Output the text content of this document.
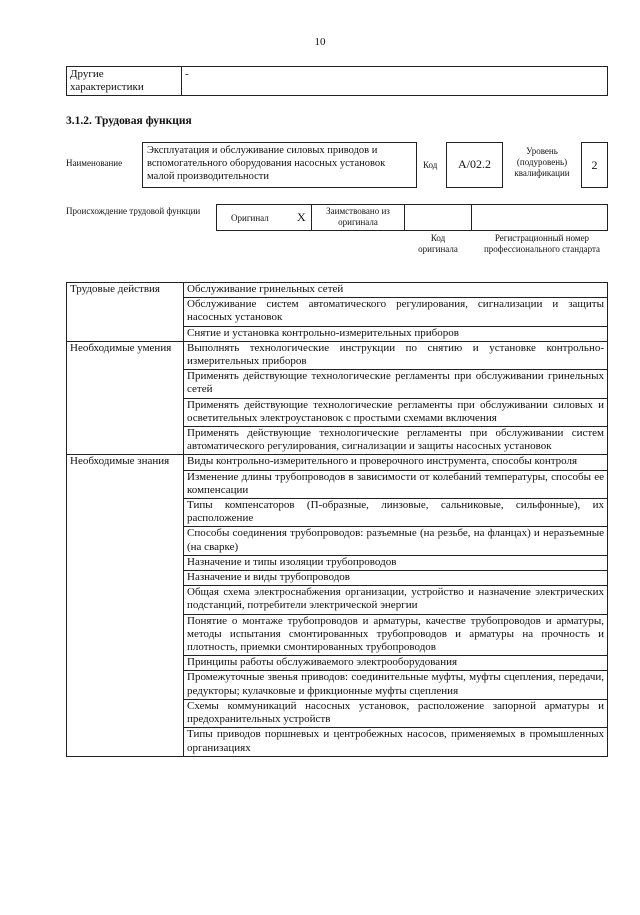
10
Другие характеристики	-
3.1.2. Трудовая функция
Наименование
Эксплуатация и обслуживание силовых приводов и вспомогательного оборудования насосных установок малой производительности
Код	А/02.2
Уровень (подуровень) квалификации
2
Происхождение трудовой функции
Оригинал X	Заимствовано из оригинала
Код оригинала
Регистрационный номер профессионального стандарта
Трудовые действия	Обслуживание гринельных сетей
	Обслуживание систем автоматического регулирования, сигнализации и защиты насосных установок
	Снятие и установка контрольно-измерительных приборов
Необходимые умения	Выполнять технологические инструкции по снятию и установке контрольно-измерительных приборов
	Применять действующие технологические регламенты при обслуживании гринельных сетей
	Применять действующие технологические регламенты при обслуживании силовых и осветительных электроустановок с простыми схемами включения
	Применять действующие технологические регламенты при обслуживании систем автоматического регулирования, сигнализации и защиты насосных установок
Необходимые знания	Виды контрольно-измерительного и проверочного инструмента, способы контроля
	Изменение длины трубопроводов в зависимости от колебаний температуры, способы ее компенсации
	Типы компенсаторов (П-образные, линзовые, сальниковые, сильфонные), их расположение
	Способы соединения трубопроводов: разъемные (на резьбе, на фланцах) и неразъемные (на сварке)
	Назначение и типы изоляции трубопроводов
	Назначение и виды трубопроводов
	Общая схема электроснабжения организации, устройство и назначение электрических подстанций, потребители электрической энергии
	Понятие о монтаже трубопроводов и арматуры, качестве трубопроводов и арматуры, методы испытания смонтированных трубопроводов и арматуры на прочность и плотность, приемки смонтированных трубопроводов
	Принципы работы обслуживаемого электрооборудования
	Промежуточные звенья приводов: соединительные муфты, муфты сцепления, передачи, редукторы; кулачковые и фрикционные муфты сцепления
	Схемы коммуникаций насосных установок, расположение запорной арматуры и предохранительных устройств
	Типы приводов поршневых и центробежных насосов, применяемых в промышленных организациях
